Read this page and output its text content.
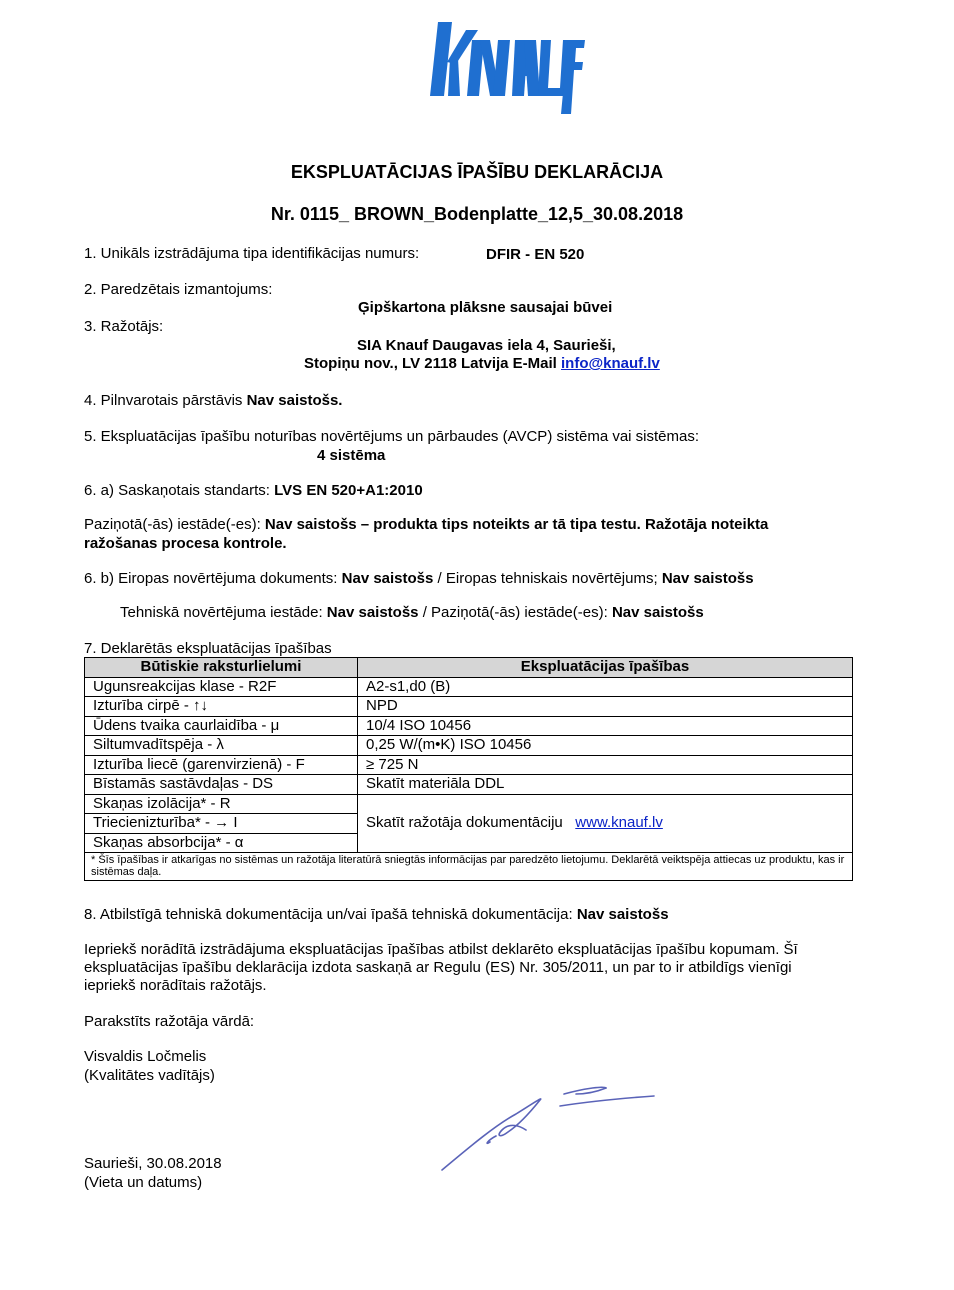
EKSPLUATĀCIJAS ĪPAŠĪBU DEKLARĀCIJA
Nr. 0115_ BROWN_Bodenplatte_12,5_30.08.2018
1. Unikāls izstrādājuma tipa identifikācijas numurs:	DFIR - EN 520
2. Paredzētais izmantojums:
Ģipškartona plāksne sausajai būvei
3. Ražotājs:
SIA Knauf Daugavas iela 4, Saurieši,
Stopiņu nov., LV 2118 Latvija E-Mail info@knauf.lv
4. Pilnvarotais pārstāvis Nav saistošs.
5. Ekspluatācijas īpašību noturības novērtējums un pārbaudes (AVCP) sistēma vai sistēmas:
4 sistēma
6. a) Saskaņotais standarts: LVS EN 520+A1:2010
Paziņotā(-ās) iestāde(-es): Nav saistošs – produkta tips noteikts ar tā tipa testu. Ražotāja noteikta
ražošanas procesa kontrole.
6. b) Eiropas novērtējuma dokuments: Nav saistošs / Eiropas tehniskais novērtējums; Nav saistošs
Tehniskā novērtējuma iestāde: Nav saistošs / Paziņotā(-ās) iestāde(-es): Nav saistošs
7. Deklarētās ekspluatācijas īpašības
Būtiskie raksturlielumi	Ekspluatācijas īpašības
Ugunsreakcijas klase - R2F	A2-s1,d0 (B)
Izturība cirpē - ↑↓	NPD
Ūdens tvaika caurlaidība - μ	10/4 ISO 10456
Siltumvadītspēja - λ	0,25 W/(m•K) ISO 10456
Izturība liecē (garenvirzienā) - F	≥ 725 N
Bīstamās sastāvdaļas - DS	Skatīt materiāla DDL
Skaņas izolācija* - R	Skatīt ražotāja dokumentāciju www.knauf.lv
Triecienizturība* - → I	
Skaņas absorbcija* - α	
* Šīs īpašības ir atkarīgas no sistēmas un ražotāja literatūrā sniegtās informācijas par paredzēto lietojumu. Deklarētā veiktspēja attiecas uz produktu, kas ir sistēmas daļa.	
8. Atbilstīgā tehniskā dokumentācija un/vai īpašā tehniskā dokumentācija: Nav saistošs
Iepriekš norādītā izstrādājuma ekspluatācijas īpašības atbilst deklarēto ekspluatācijas īpašību kopumam. Šī
ekspluatācijas īpašību deklarācija izdota saskaņā ar Regulu (ES) Nr. 305/2011, un par to ir atbildīgs vienīgi
iepriekš norādītais ražotājs.
Parakstīts ražotāja vārdā:
Visvaldis Ločmelis
(Kvalitātes vadītājs)
Saurieši, 30.08.2018
(Vieta un datums)
